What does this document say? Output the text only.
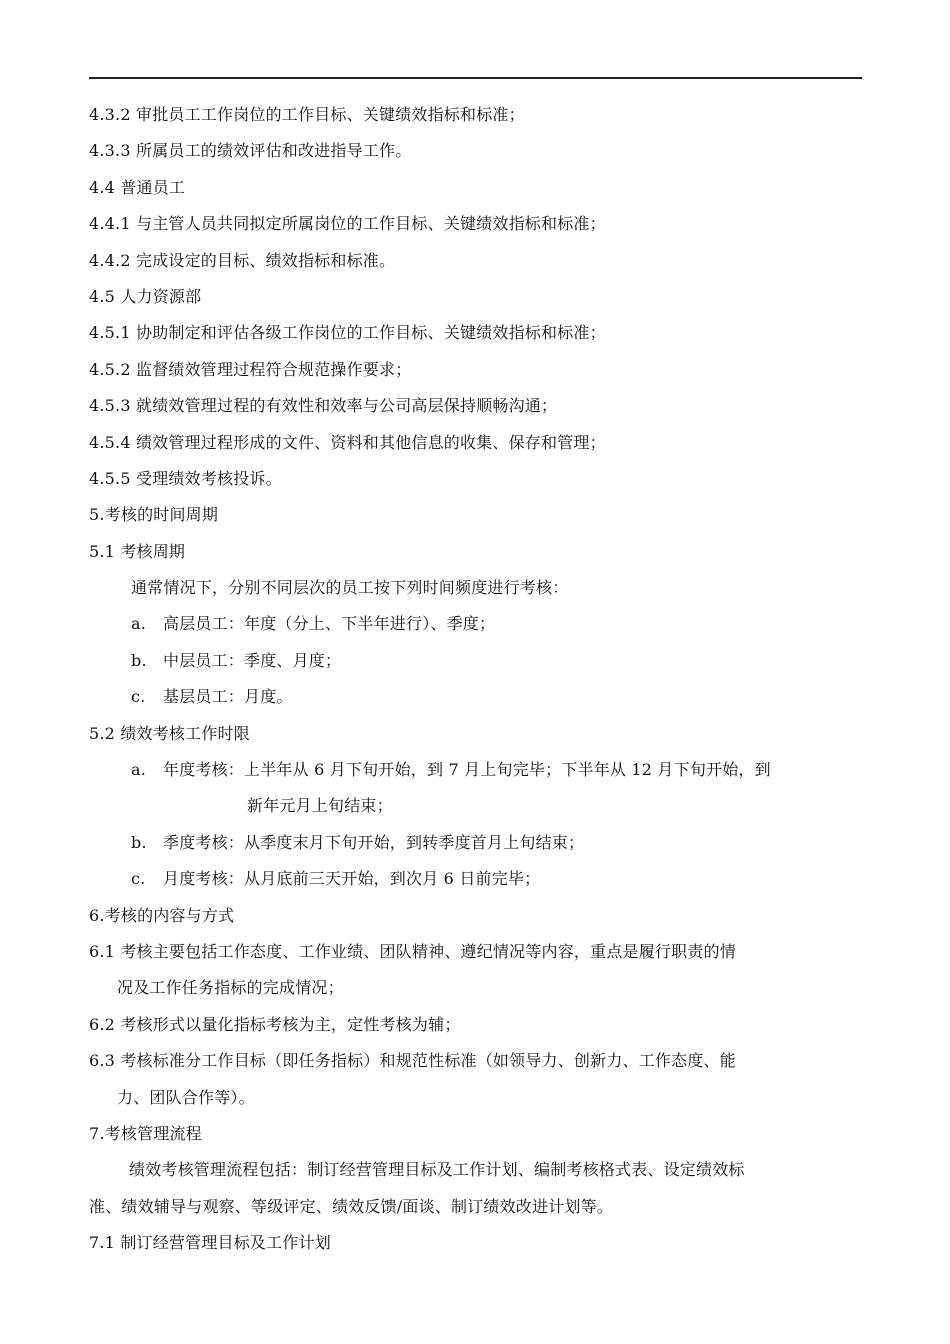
4.3.2 审批员工工作岗位的工作目标、关键绩效指标和标准；
4.3.3 所属员工的绩效评估和改进指导工作。
4.4 普通员工
4.4.1 与主管人员共同拟定所属岗位的工作目标、关键绩效指标和标准；
4.4.2 完成设定的目标、绩效指标和标准。
4.5 人力资源部
4.5.1 协助制定和评估各级工作岗位的工作目标、关键绩效指标和标准；
4.5.2 监督绩效管理过程符合规范操作要求；
4.5.3 就绩效管理过程的有效性和效率与公司高层保持顺畅沟通；
4.5.4 绩效管理过程形成的文件、资料和其他信息的收集、保存和管理；
4.5.5 受理绩效考核投诉。
5.考核的时间周期
5.1 考核周期
通常情况下，分别不同层次的员工按下列时间频度进行考核：
a.	高层员工：年度（分上、下半年进行）、季度；
b.	中层员工：季度、月度；
c.	基层员工：月度。
5.2 绩效考核工作时限
a.	年度考核：上半年从 6 月下旬开始，到 7 月上旬完毕；下半年从 12 月下旬开始，到
新年元月上旬结束；
b.	季度考核：从季度末月下旬开始，到转季度首月上旬结束；
c.	月度考核：从月底前三天开始，到次月 6 日前完毕；
6.考核的内容与方式
6.1 考核主要包括工作态度、工作业绩、团队精神、遵纪情况等内容，重点是履行职责的情
况及工作任务指标的完成情况；
6.2 考核形式以量化指标考核为主，定性考核为辅；
6.3 考核标准分工作目标（即任务指标）和规范性标准（如领导力、创新力、工作态度、能
力、团队合作等）。
7.考核管理流程
绩效考核管理流程包括：制订经营管理目标及工作计划、编制考核格式表、设定绩效标
准、绩效辅导与观察、等级评定、绩效反馈/面谈、制订绩效改进计划等。
7.1 制订经营管理目标及工作计划
